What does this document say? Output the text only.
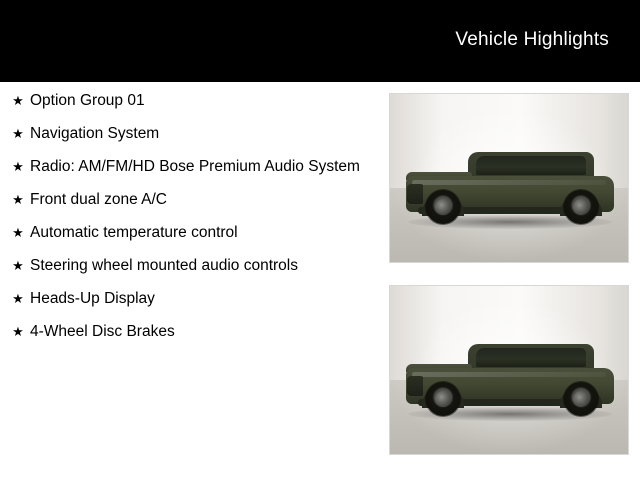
Vehicle Highlights
★ Option Group 01
★ Navigation System
★ Radio: AM/FM/HD Bose Premium Audio System
★ Front dual zone A/C
★ Automatic temperature control
★ Steering wheel mounted audio controls
★ Heads-Up Display
★ 4-Wheel Disc Brakes
